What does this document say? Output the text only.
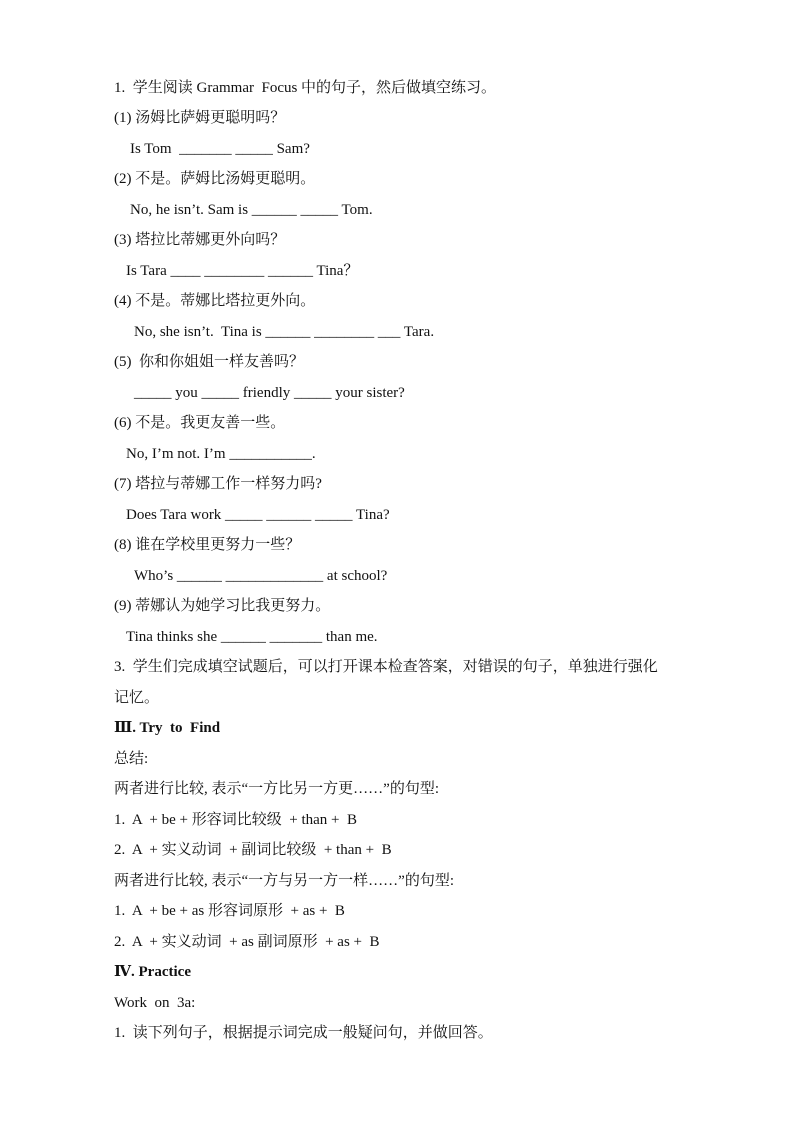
1.  学生阅读 Grammar  Focus 中的句子，然后做填空练习。
(1) 汤姆比萨姆更聪明吗？
Is Tom  _______ _____ Sam?
(2) 不是。萨姆比汤姆更聪明。
No, he isn’t. Sam is ______ _____ Tom.
(3) 塔拉比蒂娜更外向吗？
Is Tara ____ ________ ______ Tina？
(4) 不是。蒂娜比塔拉更外向。
No, she isn’t.  Tina is ______ ________ ___ Tara.
(5)  你和你姐姐一样友善吗？
_____ you _____ friendly _____ your sister?
(6) 不是。我更友善一些。
No, I’m not. I’m ___________.
(7) 塔拉与蒂娜工作一样努力吗?
Does Tara work _____ ______ _____ Tina?
(8) 谁在学校里更努力一些？
Who’s ______ _____________ at school?
(9) 蒂娜认为她学习比我更努力。
Tina thinks she ______ _______ than me.
3.  学生们完成填空试题后，可以打开课本检查答案，对错误的句子，单独进行强化
记忆。
Ⅲ. Try  to  Find
总结:
两者进行比较, 表示“一方比另一方更……”的句型:
1.  A  + be + 形容词比较级  + than +  B
2.  A  + 实义动词  + 副词比较级  + than +  B
两者进行比较, 表示“一方与另一方一样……”的句型:
1.  A  + be + as 形容词原形  + as +  B
2.  A  + 实义动词  + as 副词原形  + as +  B
Ⅳ. Practice
Work  on  3a:
1.  读下列句子，根据提示词完成一般疑问句，并做回答。
